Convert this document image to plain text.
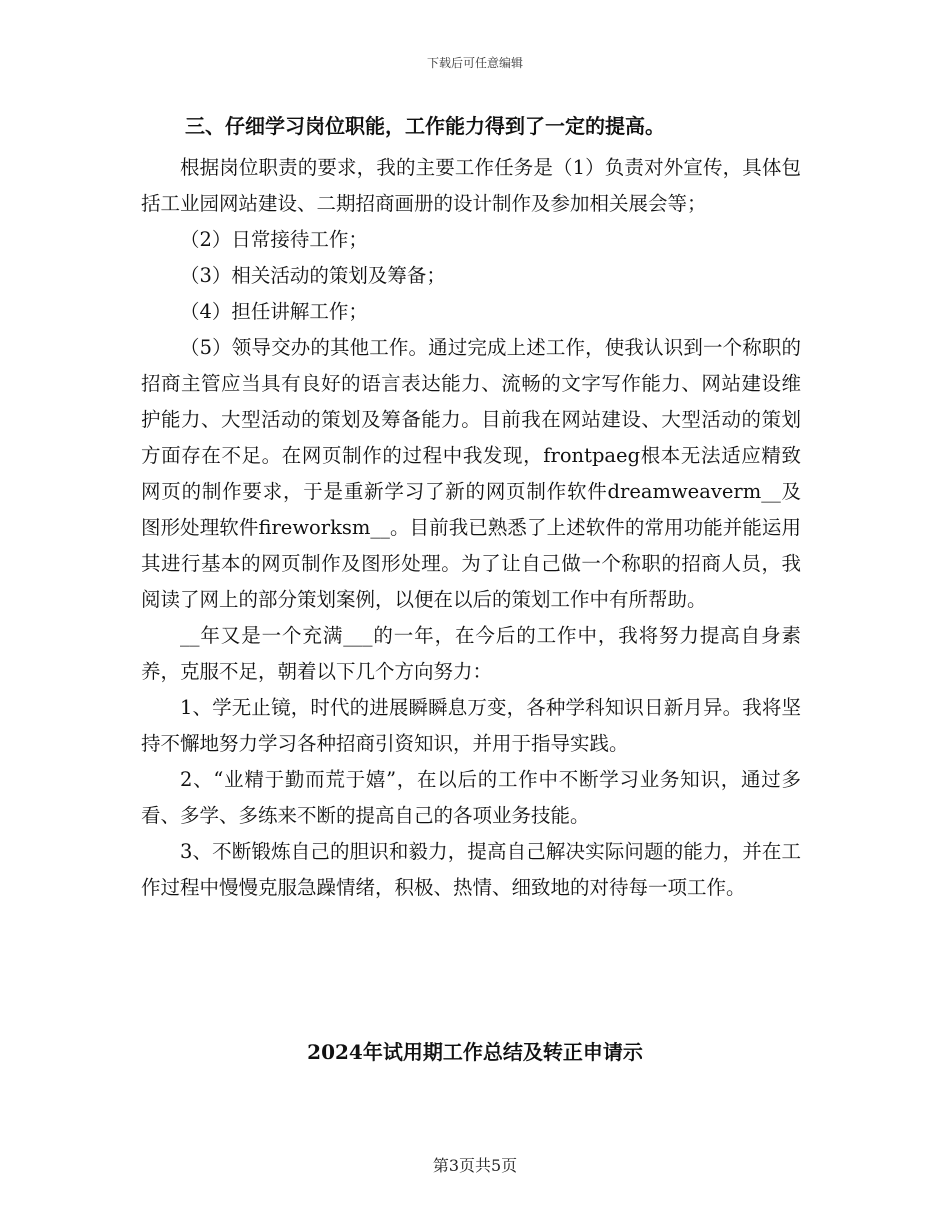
下载后可任意编辑
三、仔细学习岗位职能，工作能力得到了一定的提高。

根据岗位职责的要求，我的主要工作任务是（1）负责对外宣传，具体包括工业园网站建设、二期招商画册的设计制作及参加相关展会等；

（2）日常接待工作；

（3）相关活动的策划及筹备；

（4）担任讲解工作；

（5）领导交办的其他工作。通过完成上述工作，使我认识到一个称职的招商主管应当具有良好的语言表达能力、流畅的文字写作能力、网站建设维护能力、大型活动的策划及筹备能力。目前我在网站建设、大型活动的策划方面存在不足。在网页制作的过程中我发现，frontpaeg根本无法适应精致网页的制作要求，于是重新学习了新的网页制作软件dreamweaverm__及图形处理软件fireworksm__。目前我已熟悉了上述软件的常用功能并能运用其进行基本的网页制作及图形处理。为了让自己做一个称职的招商人员，我阅读了网上的部分策划案例，以便在以后的策划工作中有所帮助。

__年又是一个充满___的一年，在今后的工作中，我将努力提高自身素养，克服不足，朝着以下几个方向努力：

1、学无止镜，时代的进展瞬瞬息万变，各种学科知识日新月异。我将坚持不懈地努力学习各种招商引资知识，并用于指导实践。

2、“业精于勤而荒于嬉”，在以后的工作中不断学习业务知识，通过多看、多学、多练来不断的提高自己的各项业务技能。

3、不断锻炼自己的胆识和毅力，提高自己解决实际问题的能力，并在工作过程中慢慢克服急躁情绪，积极、热情、细致地的对待每一项工作。

2024年试用期工作总结及转正申请示
第3页共5页
